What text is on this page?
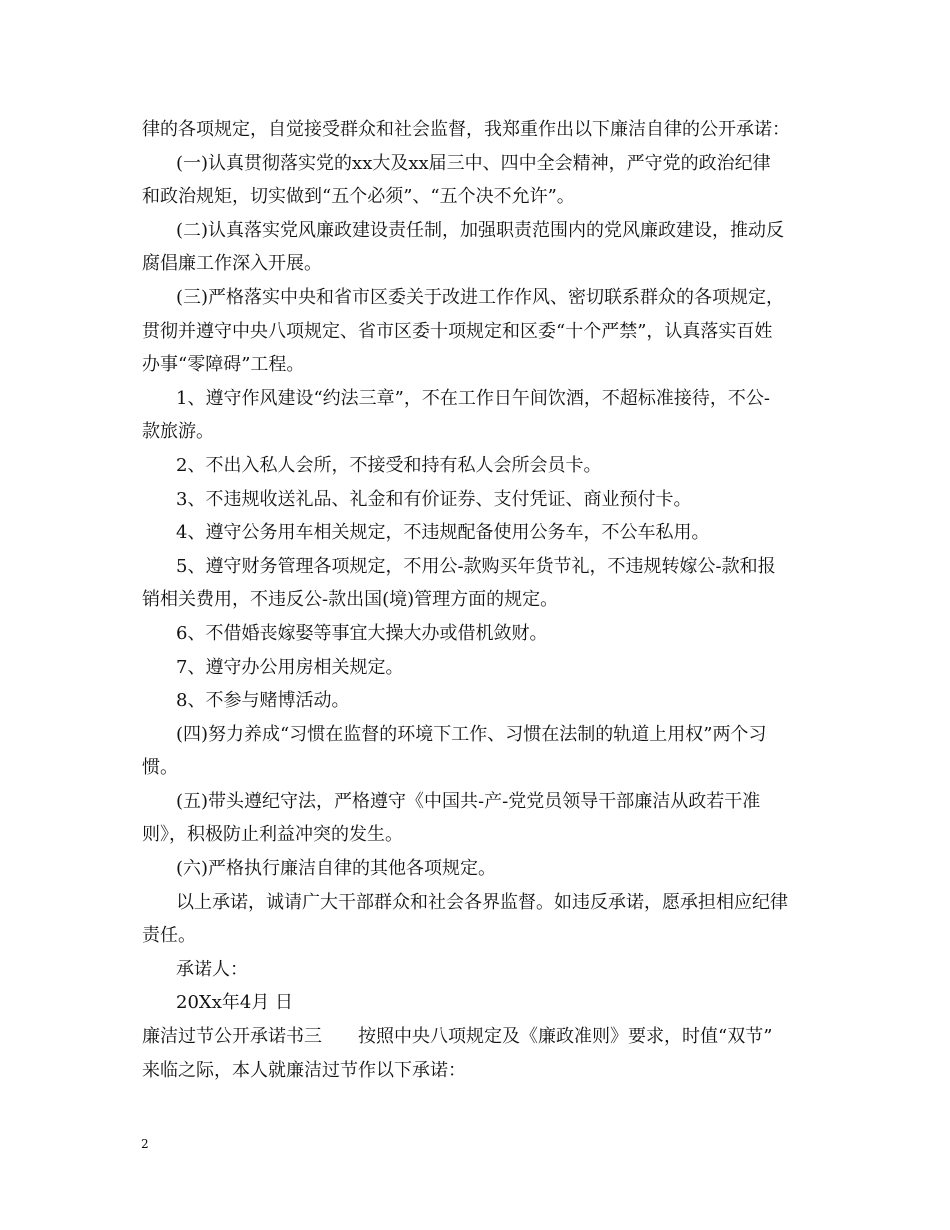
律的各项规定，自觉接受群众和社会监督，我郑重作出以下廉洁自律的公开承诺：
(一)认真贯彻落实党的xx大及xx届三中、四中全会精神，严守党的政治纪律
和政治规矩，切实做到“五个必须”、“五个决不允许”。
(二)认真落实党风廉政建设责任制，加强职责范围内的党风廉政建设，推动反
腐倡廉工作深入开展。
(三)严格落实中央和省市区委关于改进工作作风、密切联系群众的各项规定，
贯彻并遵守中央八项规定、省市区委十项规定和区委“十个严禁”，认真落实百姓
办事“零障碍”工程。
1、遵守作风建设“约法三章”，不在工作日午间饮酒，不超标准接待，不公-
款旅游。
2、不出入私人会所，不接受和持有私人会所会员卡。
3、不违规收送礼品、礼金和有价证券、支付凭证、商业预付卡。
4、遵守公务用车相关规定，不违规配备使用公务车，不公车私用。
5、遵守财务管理各项规定，不用公-款购买年货节礼，不违规转嫁公-款和报
销相关费用，不违反公-款出国(境)管理方面的规定。
6、不借婚丧嫁娶等事宜大操大办或借机敛财。
7、遵守办公用房相关规定。
8、不参与赌博活动。
(四)努力养成“习惯在监督的环境下工作、习惯在法制的轨道上用权”两个习
惯。
(五)带头遵纪守法，严格遵守《中国共-产-党党员领导干部廉洁从政若干准
则》，积极防止利益冲突的发生。
(六)严格执行廉洁自律的其他各项规定。
以上承诺，诚请广大干部群众和社会各界监督。如违反承诺，愿承担相应纪律
责任。
承诺人：
20Xx年4月 日
廉洁过节公开承诺书三 按照中央八项规定及《廉政准则》要求，时值“双节”
来临之际，本人就廉洁过节作以下承诺：
2
